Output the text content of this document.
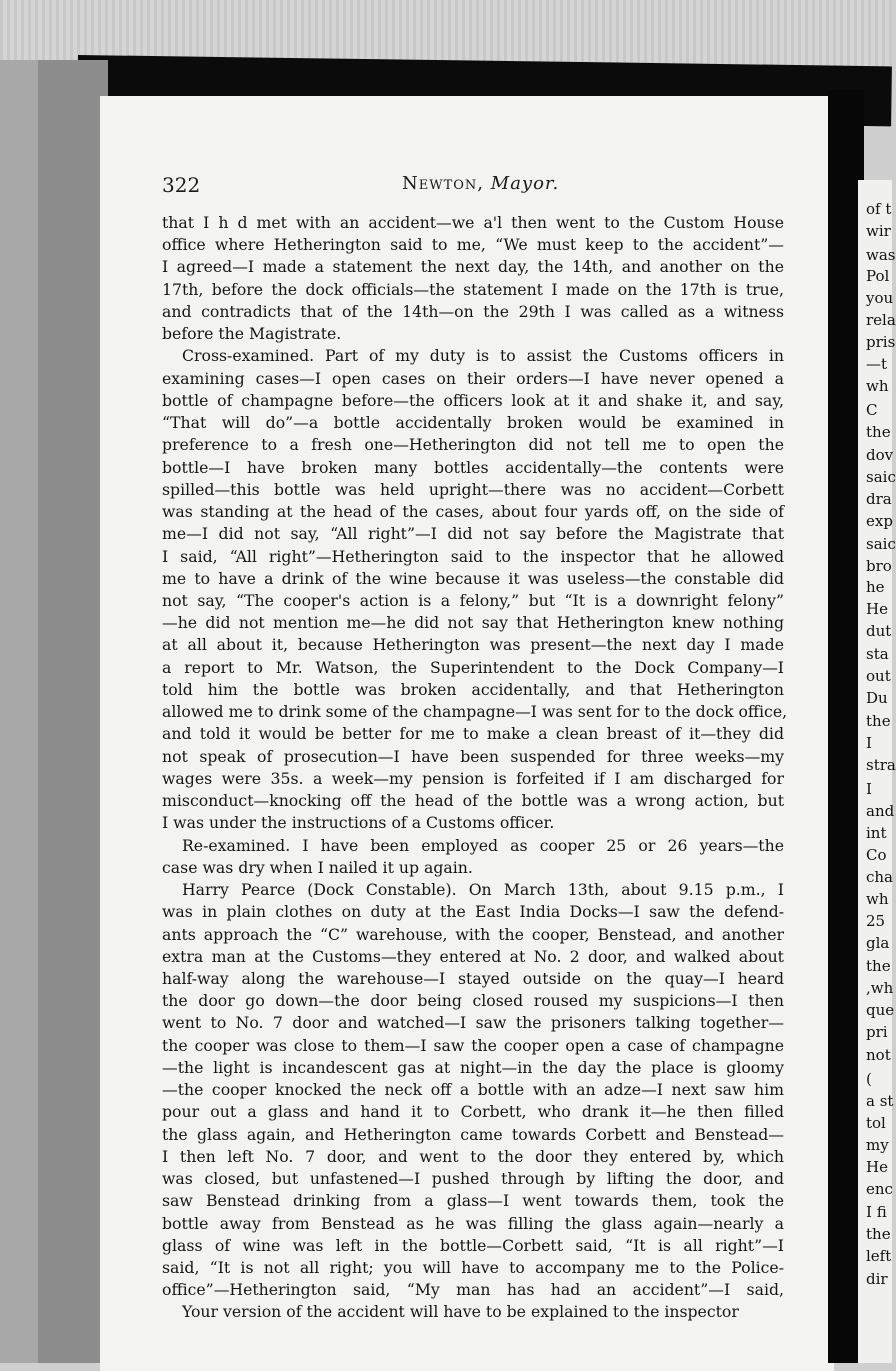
322	Newton, Mayor.
that I h d met with an accident—we a'l then went to the Custom House
office where Hetherington said to me, “We must keep to the accident”—
I agreed—I made a statement the next day, the 14th, and another on the
17th, before the dock officials—the statement I made on the 17th is true,
and contradicts that of the 14th—on the 29th I was called as a witness
before the Magistrate.
Cross-examined. Part of my duty is to assist the Customs officers in
examining cases—I open cases on their orders—I have never opened a
bottle of champagne before—the officers look at it and shake it, and say,
“That will do”—a bottle accidentally broken would be examined in
preference to a fresh one—Hetherington did not tell me to open the
bottle—I have broken many bottles accidentally—the contents were
spilled—this bottle was held upright—there was no accident—Corbett
was standing at the head of the cases, about four yards off, on the side of
me—I did not say, “All right”—I did not say before the Magistrate that
I said, “All right”—Hetherington said to the inspector that he allowed
me to have a drink of the wine because it was useless—the constable did
not say, “The cooper's action is a felony,” but “It is a downright felony”
—he did not mention me—he did not say that Hetherington knew nothing
at all about it, because Hetherington was present—the next day I made
a report to Mr. Watson, the Superintendent to the Dock Company—I
told him the bottle was broken accidentally, and that Hetherington
allowed me to drink some of the champagne—I was sent for to the dock office,
and told it would be better for me to make a clean breast of it—they did
not speak of prosecution—I have been suspended for three weeks—my
wages were 35s. a week—my pension is forfeited if I am discharged for
misconduct—knocking off the head of the bottle was a wrong action, but
I was under the instructions of a Customs officer.
Re-examined. I have been employed as cooper 25 or 26 years—the
case was dry when I nailed it up again.
Harry Pearce (Dock Constable). On March 13th, about 9.15 p.m., I
was in plain clothes on duty at the East India Docks—I saw the defend-
ants approach the “C” warehouse, with the cooper, Benstead, and another
extra man at the Customs—they entered at No. 2 door, and walked about
half-way along the warehouse—I stayed outside on the quay—I heard
the door go down—the door being closed roused my suspicions—I then
went to No. 7 door and watched—I saw the prisoners talking together—
the cooper was close to them—I saw the cooper open a case of champagne
—the light is incandescent gas at night—in the day the place is gloomy
—the cooper knocked the neck off a bottle with an adze—I next saw him
pour out a glass and hand it to Corbett, who drank it—he then filled
the glass again, and Hetherington came towards Corbett and Benstead—
I then left No. 7 door, and went to the door they entered by, which
was closed, but unfastened—I pushed through by lifting the door, and
saw Benstead drinking from a glass—I went towards them, took the
bottle away from Benstead as he was filling the glass again—nearly a
glass of wine was left in the bottle—Corbett said, “It is all right”—I
said, “It is not all right; you will have to accompany me to the Police-
office”—Hetherington said, “My man has had an accident”—I said,
Your version of the accident will have to be explained to the inspector
of t
wir
was
Pol
you
rela
pris
—t
wh
C
the
dov
saic
dra
exp
saic
bro
he
He
dut
sta
out
Du
the
I
stra
I
and
int
Co
cha
wh
25
gla
the
,wh
que
pri
not
(
a st
tol
my
He
enc
I fi
the
left
dir
